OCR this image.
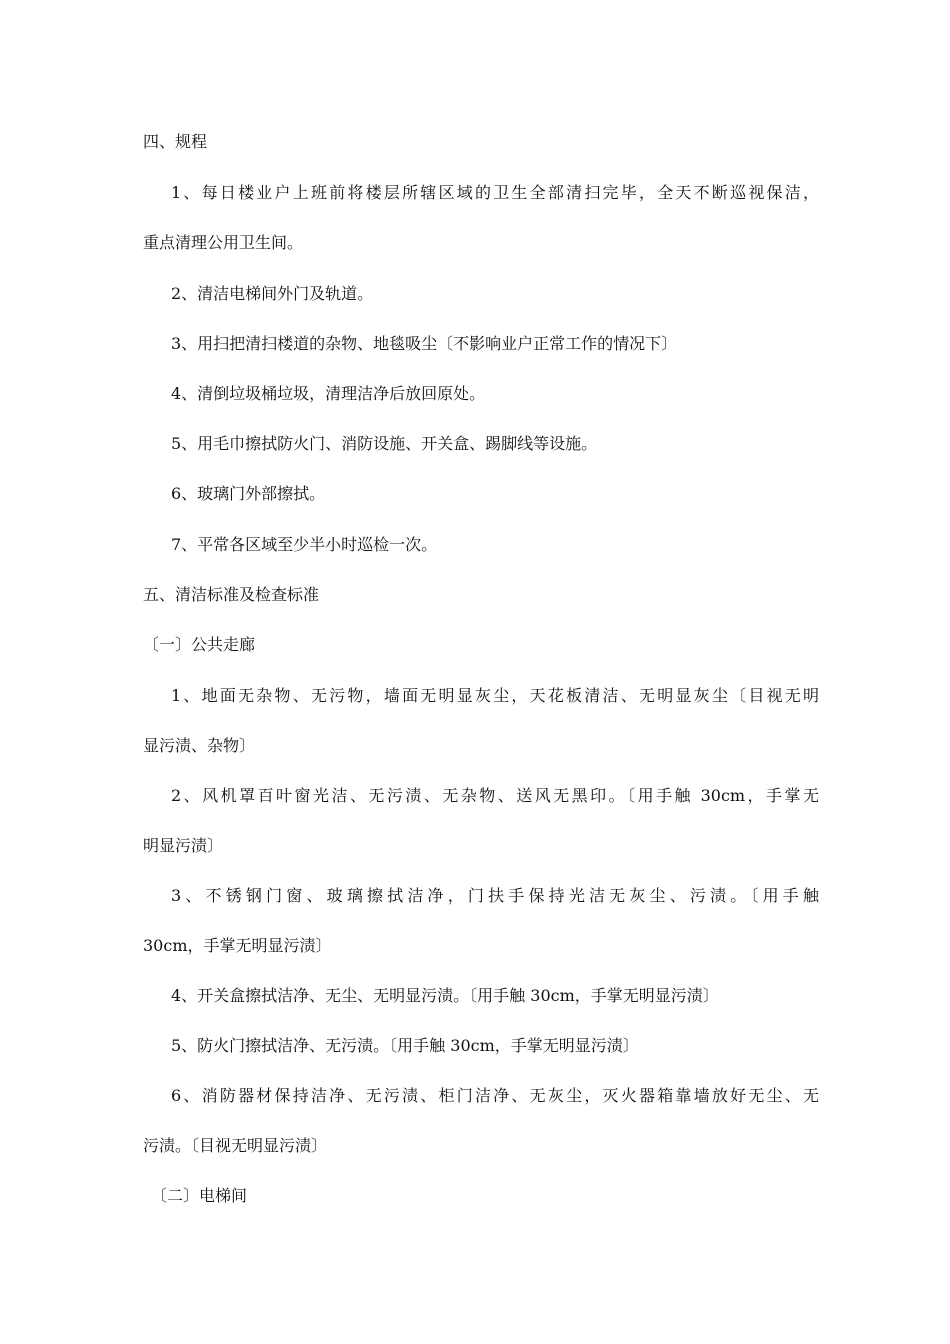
四、规程
1、每日楼业户上班前将楼层所辖区域的卫生全部清扫完毕，全天不断巡视保洁，
重点清理公用卫生间。
2、清洁电梯间外门及轨道。
3、用扫把清扫楼道的杂物、地毯吸尘〔不影响业户正常工作的情况下〕
4、清倒垃圾桶垃圾，清理洁净后放回原处。
5、用毛巾擦拭防火门、消防设施、开关盒、踢脚线等设施。
6、玻璃门外部擦拭。
7、平常各区域至少半小时巡检一次。
五、清洁标准及检查标准
〔一〕公共走廊
1、地面无杂物、无污物，墙面无明显灰尘，天花板清洁、无明显灰尘〔目视无明
显污渍、杂物〕
2、风机罩百叶窗光洁、无污渍、无杂物、送风无黑印。〔用手触 30cm，手掌无
明显污渍〕
3、不锈钢门窗、玻璃擦拭洁净，门扶手保持光洁无灰尘、污渍。〔用手触
30cm，手掌无明显污渍〕
4、开关盒擦拭洁净、无尘、无明显污渍。〔用手触 30cm，手掌无明显污渍〕
5、防火门擦拭洁净、无污渍。〔用手触 30cm，手掌无明显污渍〕
6、消防器材保持洁净、无污渍、柜门洁净、无灰尘，灭火器箱靠墙放好无尘、无
污渍。〔目视无明显污渍〕
〔二〕电梯间
